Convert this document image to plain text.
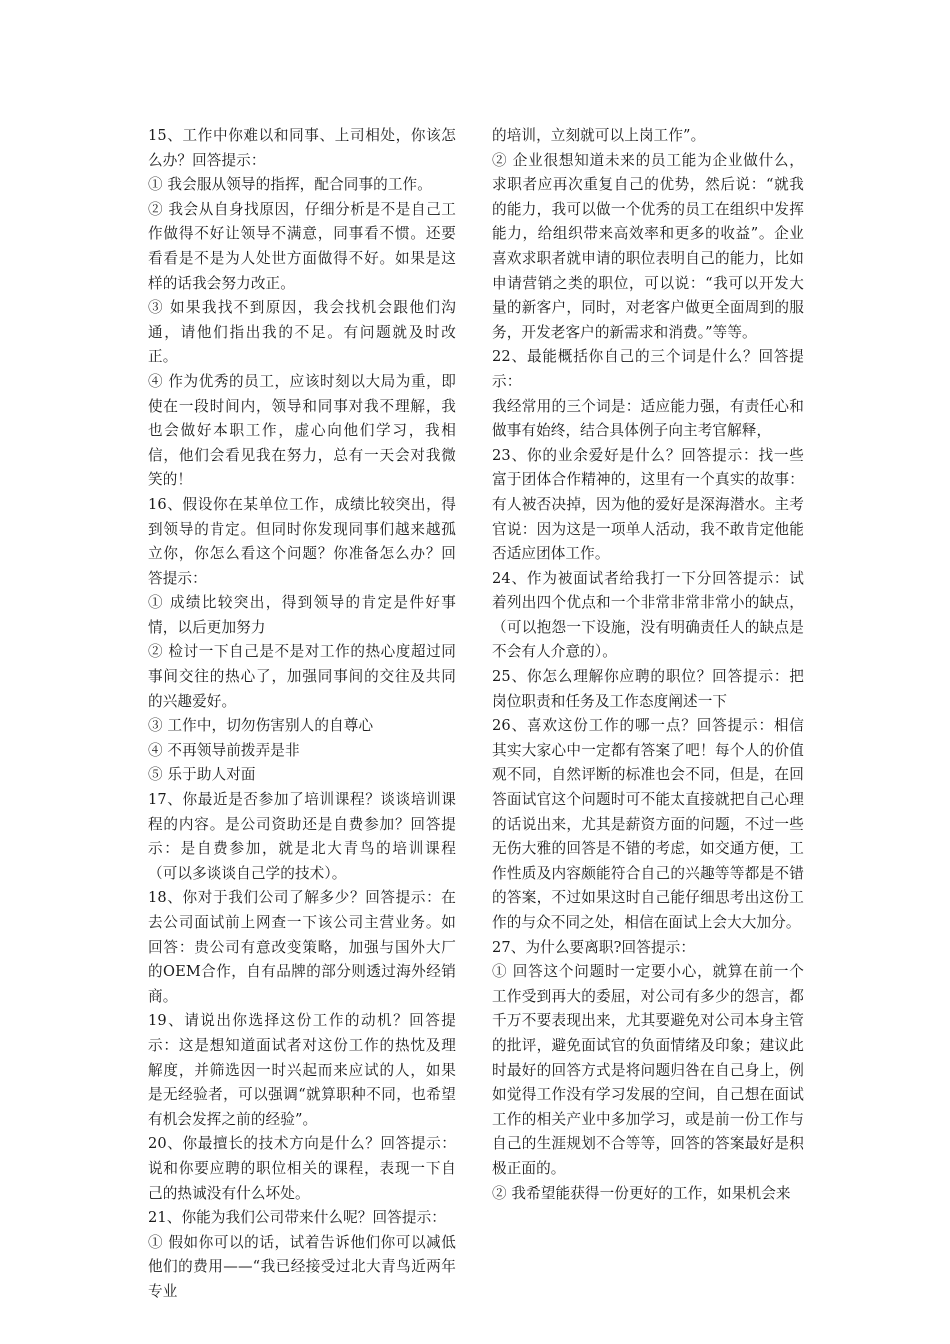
15、工作中你难以和同事、上司相处，你该怎么办？回答提示：

① 我会服从领导的指挥，配合同事的工作。

② 我会从自身找原因，仔细分析是不是自己工作做得不好让领导不满意，同事看不惯。还要看看是不是为人处世方面做得不好。如果是这样的话我会努力改正。

③ 如果我找不到原因，我会找机会跟他们沟通，请他们指出我的不足。有问题就及时改正。

④ 作为优秀的员工，应该时刻以大局为重，即使在一段时间内，领导和同事对我不理解，我也会做好本职工作，虚心向他们学习，我相信，他们会看见我在努力，总有一天会对我微笑的！

16、假设你在某单位工作，成绩比较突出，得到领导的肯定。但同时你发现同事们越来越孤立你，你怎么看这个问题？你准备怎么办？回答提示：

① 成绩比较突出，得到领导的肯定是件好事情，以后更加努力

② 检讨一下自己是不是对工作的热心度超过同事间交往的热心了，加强同事间的交往及共同的兴趣爱好。

③ 工作中，切勿伤害别人的自尊心

④ 不再领导前拨弄是非

⑤ 乐于助人对面

17、你最近是否参加了培训课程？谈谈培训课程的内容。是公司资助还是自费参加？回答提示：是自费参加，就是北大青鸟的培训课程（可以多谈谈自己学的技术）。

18、你对于我们公司了解多少？回答提示：在去公司面试前上网查一下该公司主营业务。如回答：贵公司有意改变策略，加强与国外大厂的OEM合作，自有品牌的部分则透过海外经销商。

19、请说出你选择这份工作的动机？回答提示：这是想知道面试者对这份工作的热忱及理解度，并筛选因一时兴起而来应试的人，如果是无经验者，可以强调“就算职种不同，也希望有机会发挥之前的经验”。

20、你最擅长的技术方向是什么？回答提示：说和你要应聘的职位相关的课程，表现一下自己的热诚没有什么坏处。

21、你能为我们公司带来什么呢？回答提示：

① 假如你可以的话，试着告诉他们你可以减低他们的费用——“我已经接受过北大青鸟近两年专业

的培训，立刻就可以上岗工作”。

② 企业很想知道未来的员工能为企业做什么，求职者应再次重复自己的优势，然后说：“就我的能力，我可以做一个优秀的员工在组织中发挥能力，给组织带来高效率和更多的收益”。企业喜欢求职者就申请的职位表明自己的能力，比如申请营销之类的职位，可以说：“我可以开发大量的新客户，同时，对老客户做更全面周到的服务，开发老客户的新需求和消费。”等等。

22、最能概括你自己的三个词是什么？回答提示：

我经常用的三个词是：适应能力强，有责任心和做事有始终，结合具体例子向主考官解释，

23、你的业余爱好是什么？回答提示：找一些富于团体合作精神的，这里有一个真实的故事：有人被否决掉，因为他的爱好是深海潜水。主考官说：因为这是一项单人活动，我不敢肯定他能否适应团体工作。

24、作为被面试者给我打一下分回答提示：试着列出四个优点和一个非常非常非常小的缺点，（可以抱怨一下设施，没有明确责任人的缺点是不会有人介意的）。

25、你怎么理解你应聘的职位？回答提示：把岗位职责和任务及工作态度阐述一下

26、喜欢这份工作的哪一点？回答提示：相信其实大家心中一定都有答案了吧！每个人的价值观不同，自然评断的标准也会不同，但是，在回答面试官这个问题时可不能太直接就把自己心理的话说出来，尤其是薪资方面的问题，不过一些无伤大雅的回答是不错的考虑，如交通方便，工作性质及内容颇能符合自己的兴趣等等都是不错的答案，不过如果这时自己能仔细思考出这份工作的与众不同之处，相信在面试上会大大加分。

27、为什么要离职?回答提示：

① 回答这个问题时一定要小心，就算在前一个工作受到再大的委屈，对公司有多少的怨言，都千万不要表现出来，尤其要避免对公司本身主管的批评，避免面试官的负面情绪及印象；建议此时最好的回答方式是将问题归咎在自己身上，例如觉得工作没有学习发展的空间，自己想在面试工作的相关产业中多加学习，或是前一份工作与自己的生涯规划不合等等，回答的答案最好是积极正面的。

② 我希望能获得一份更好的工作，如果机会来
